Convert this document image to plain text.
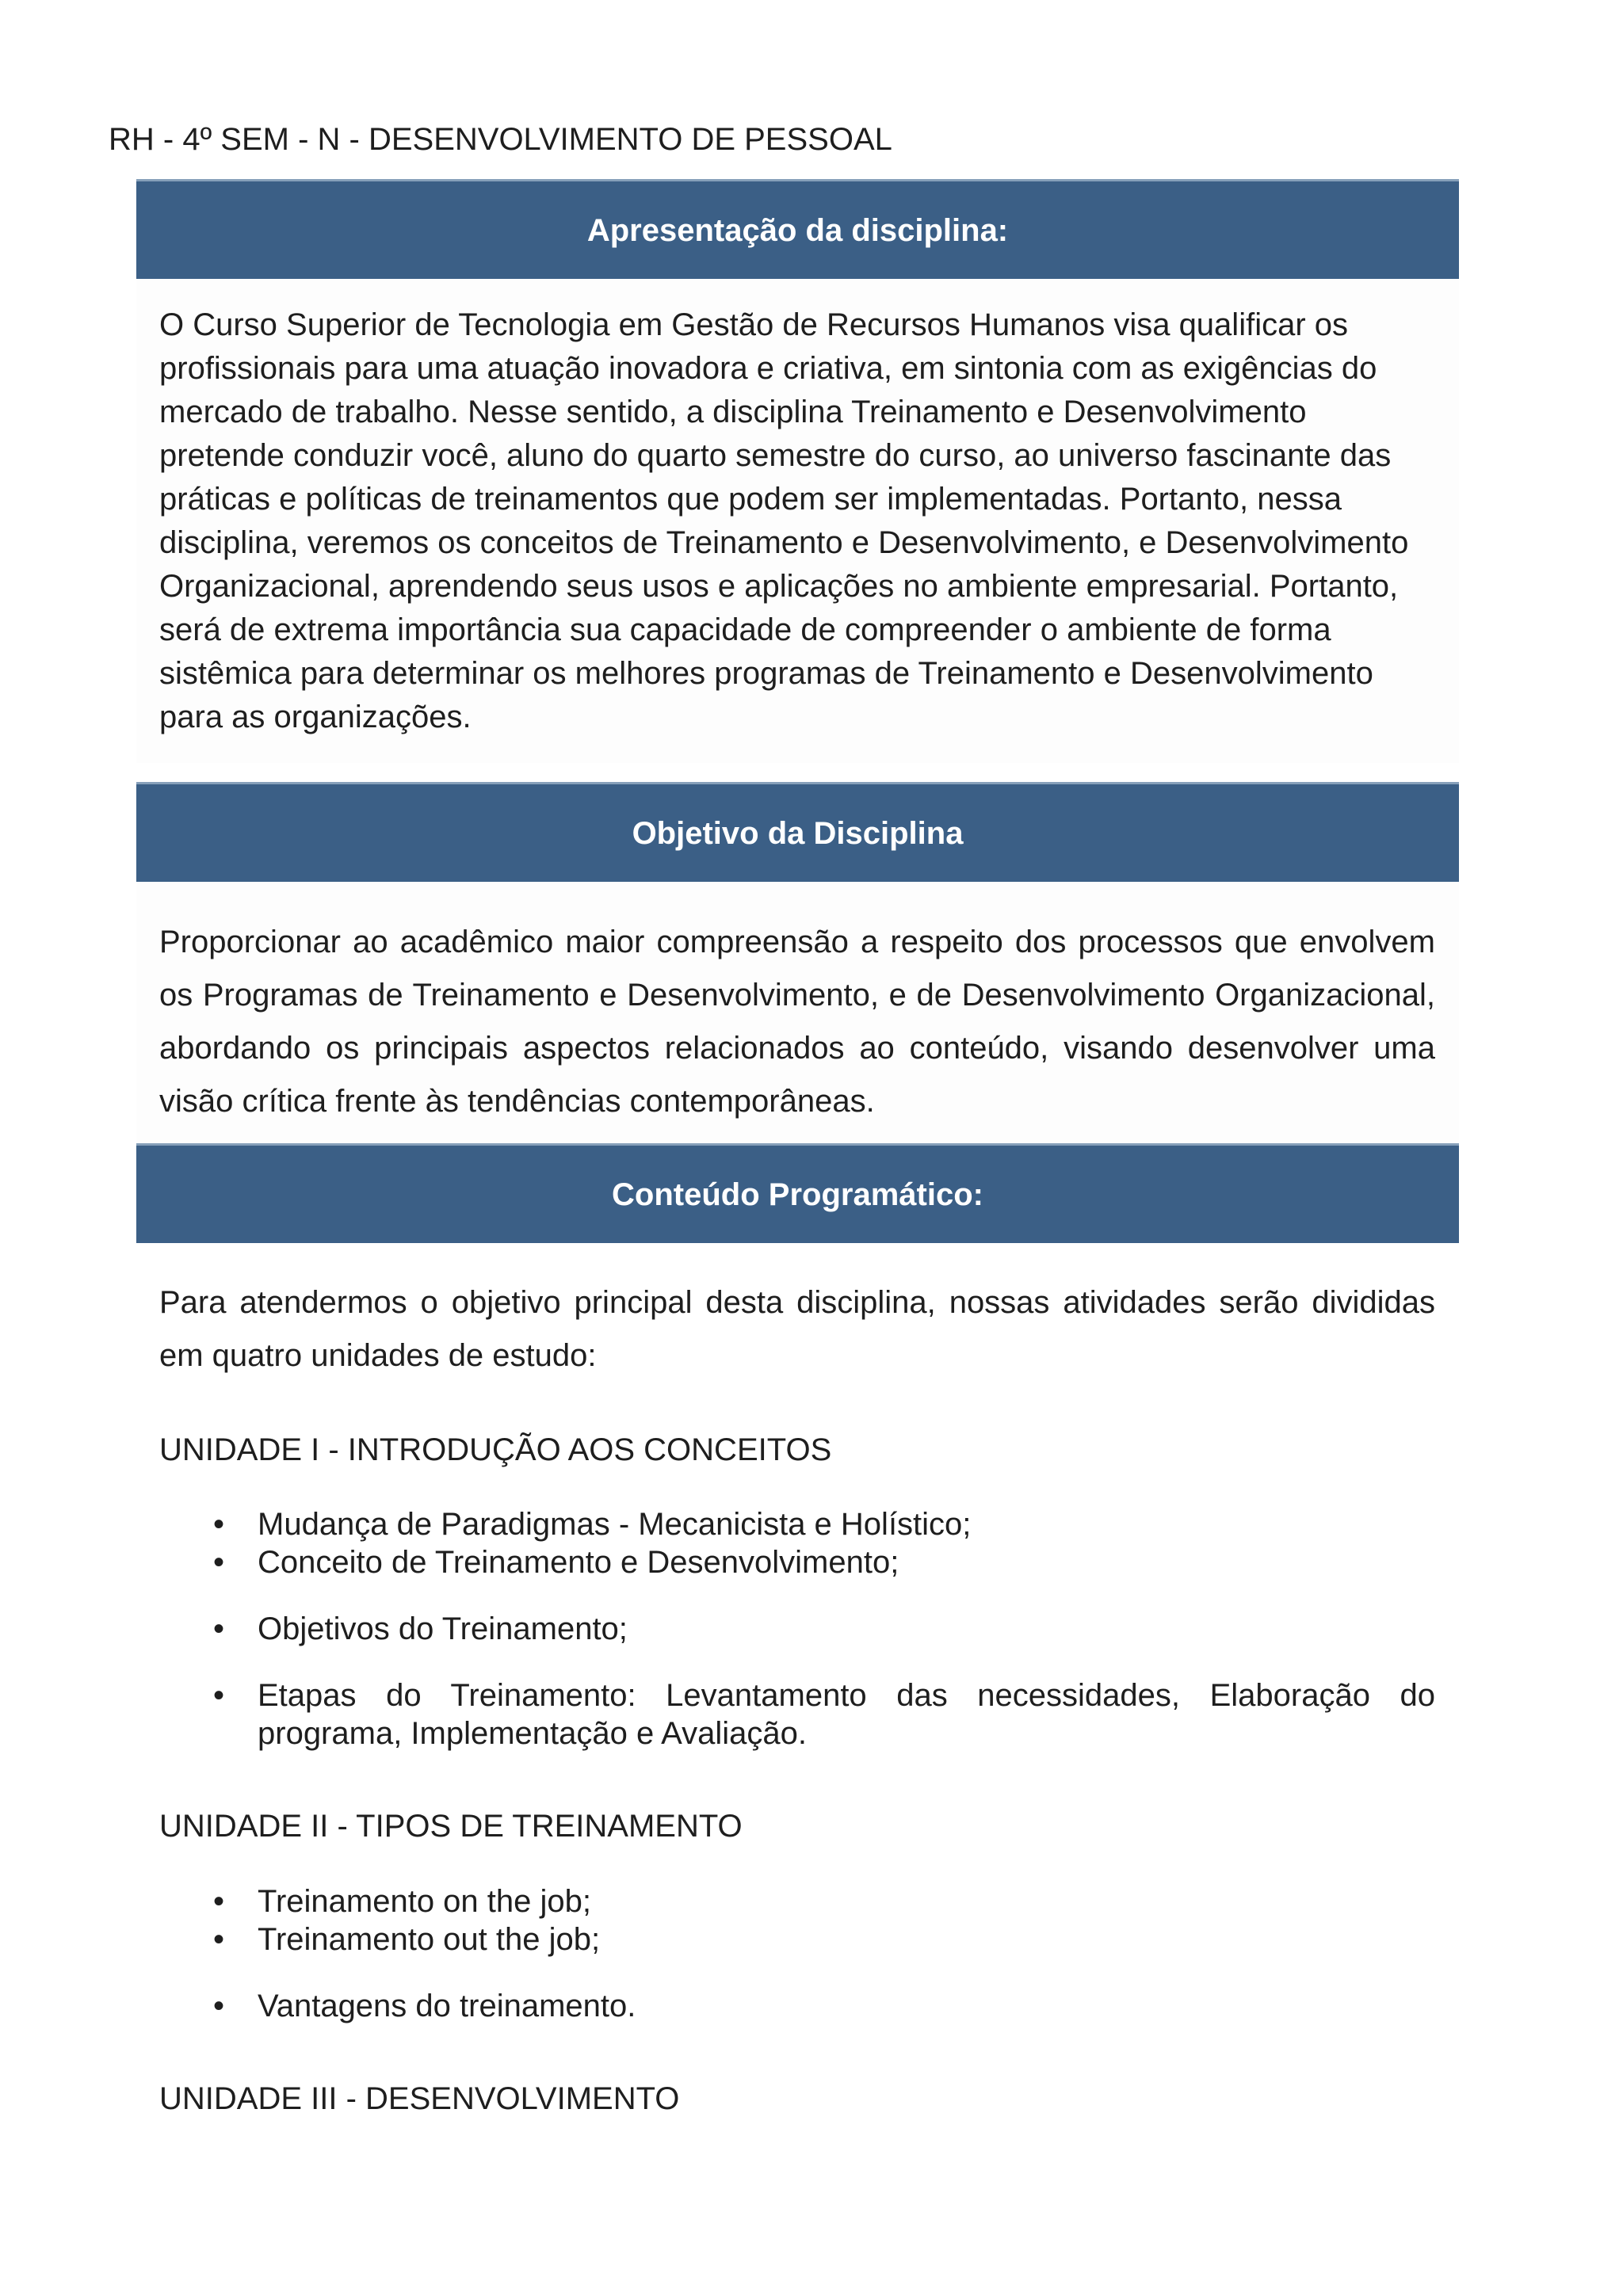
RH - 4º SEM - N - DESENVOLVIMENTO DE PESSOAL
Apresentação da disciplina:

O Curso Superior de Tecnologia em Gestão de Recursos Humanos visa qualificar os profissionais para uma atuação inovadora e criativa, em sintonia com as exigências do mercado de trabalho. Nesse sentido, a disciplina Treinamento e Desenvolvimento pretende conduzir você, aluno do quarto semestre do curso, ao universo fascinante das práticas e políticas de treinamentos que podem ser implementadas. Portanto, nessa disciplina, veremos os conceitos de Treinamento e Desenvolvimento, e Desenvolvimento Organizacional, aprendendo seus usos e aplicações no ambiente empresarial. Portanto, será de extrema importância sua capacidade de compreender o ambiente de forma sistêmica para determinar os melhores programas de Treinamento e Desenvolvimento para as organizações.

Objetivo da Disciplina

Proporcionar ao acadêmico maior compreensão a respeito dos processos que envolvem os Programas de Treinamento e Desenvolvimento, e de Desenvolvimento Organizacional, abordando os principais aspectos relacionados ao conteúdo, visando desenvolver uma visão crítica frente às tendências contemporâneas.

Conteúdo Programático:

Para atendermos o objetivo principal desta disciplina, nossas atividades serão divididas em quatro unidades de estudo:

UNIDADE I - INTRODUÇÃO AOS CONCEITOS
• Mudança de Paradigmas - Mecanicista e Holístico;
• Conceito de Treinamento e Desenvolvimento;
• Objetivos do Treinamento;
• Etapas do Treinamento: Levantamento das necessidades, Elaboração do programa, Implementação e Avaliação.
UNIDADE II - TIPOS DE TREINAMENTO
• Treinamento on the job;
• Treinamento out the job;
• Vantagens do treinamento.
UNIDADE III - DESENVOLVIMENTO
